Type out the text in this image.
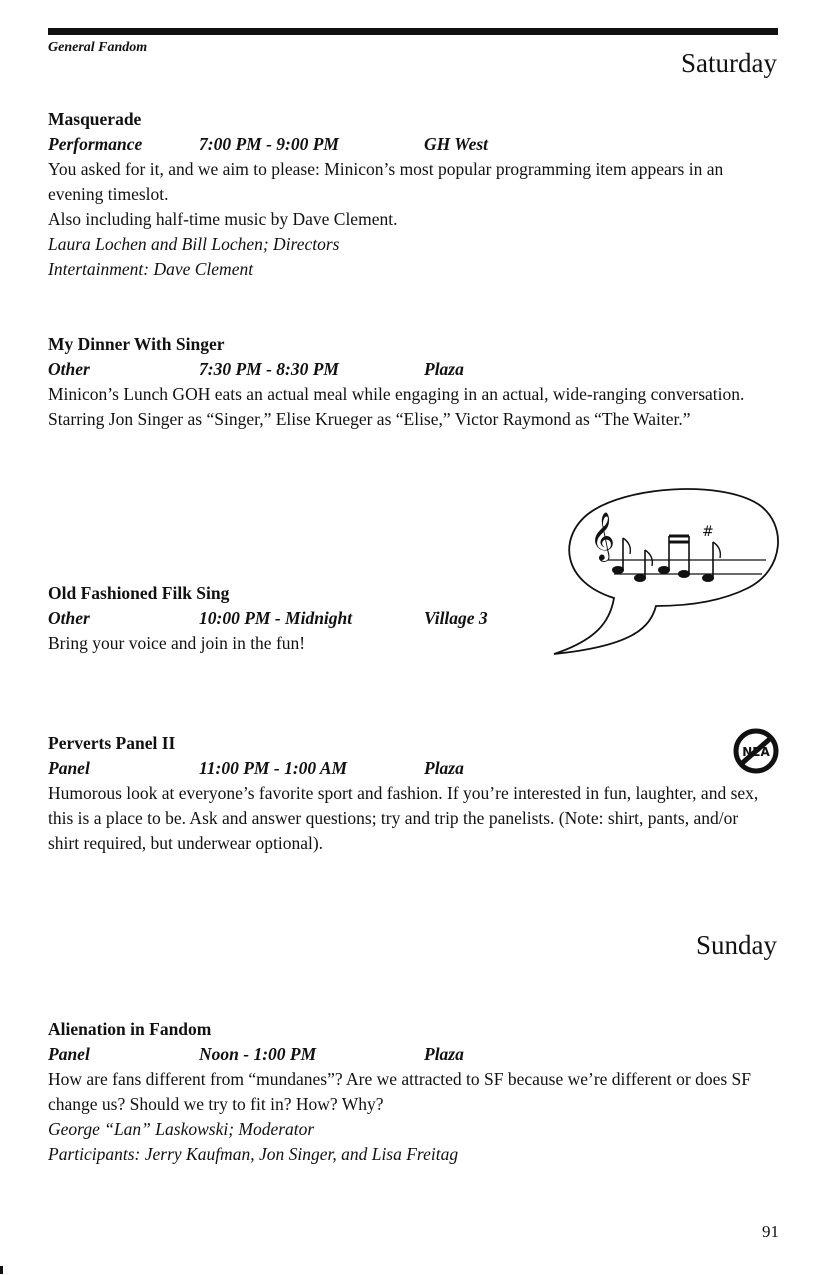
General Fandom
Saturday
Masquerade
Performance	7:00 PM - 9:00 PM	GH West
You asked for it, and we aim to please: Minicon’s most popular programming item appears in an evening timeslot.
Also including half-time music by Dave Clement.
Laura Lochen and Bill Lochen; Directors
Intertainment: Dave Clement
My Dinner With Singer
Other	7:30 PM - 8:30 PM	Plaza
Minicon’s Lunch GOH eats an actual meal while engaging in an actual, wide-ranging conversation. Starring Jon Singer as “Singer,” Elise Krueger as “Elise,” Victor Raymond as “The Waiter.”
Old Fashioned Filk Sing
Other	10:00 PM - Midnight	Village 3
Bring your voice and join in the fun!
𝄞	#
Perverts Panel II
Panel	11:00 PM - 1:00 AM	Plaza
Humorous look at everyone’s favorite sport and fashion. If you’re interested in fun, laughter, and sex, this is a place to be. Ask and answer questions; try and trip the panelists. (Note: shirt, pants, and/or shirt required, but underwear optional).
NEA
Sunday
Alienation in Fandom
Panel	Noon - 1:00 PM	Plaza
How are fans different from “mundanes”? Are we attracted to SF because we’re different or does SF change us? Should we try to fit in? How? Why?
George “Lan” Laskowski; Moderator
Participants: Jerry Kaufman, Jon Singer, and Lisa Freitag
91
